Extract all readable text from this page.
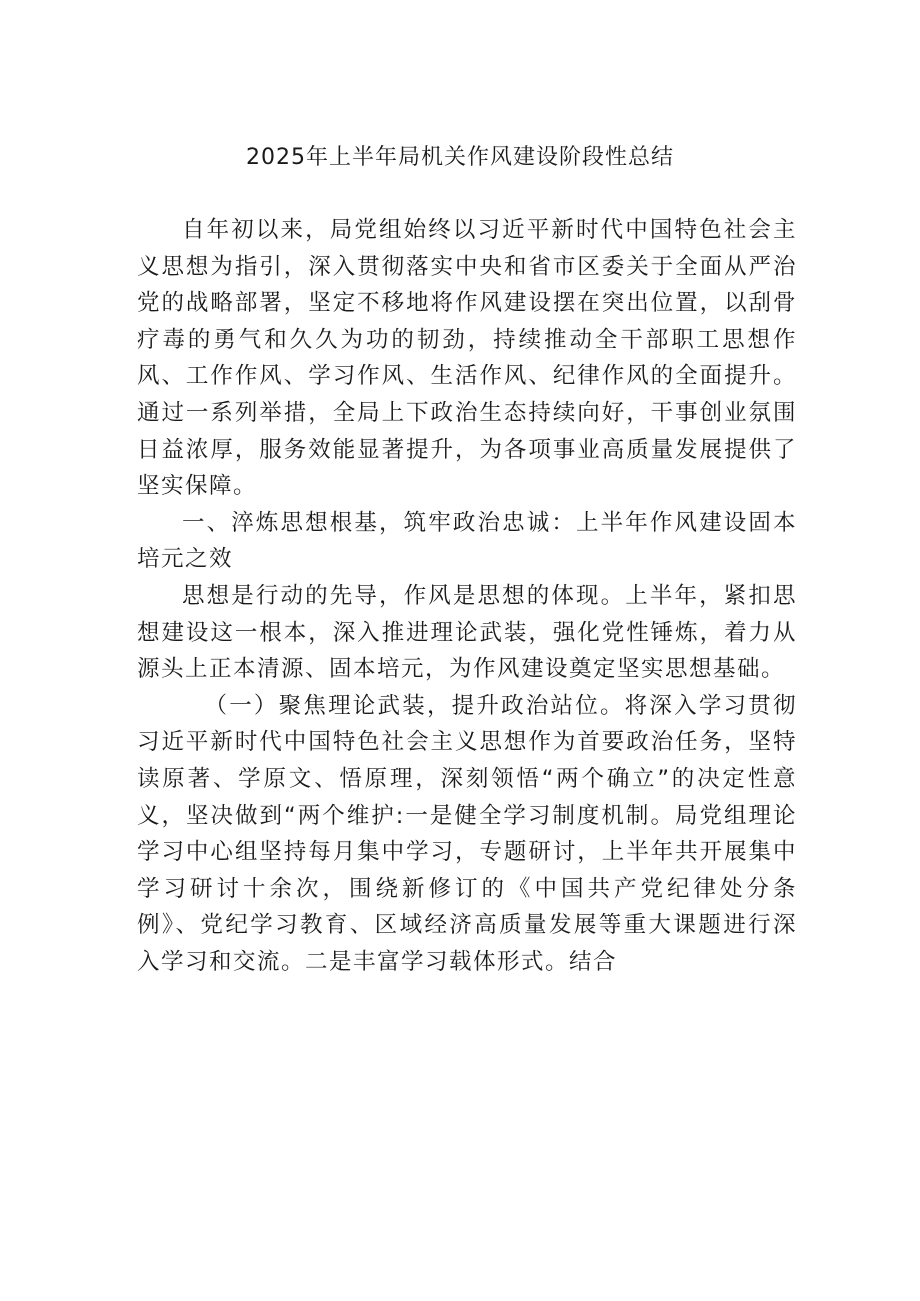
2025年上半年局机关作风建设阶段性总结

自年初以来，局党组始终以习近平新时代中国特色社会主义思想为指引，深入贯彻落实中央和省市区委关于全面从严治党的战略部署，坚定不移地将作风建设摆在突出位置，以刮骨疗毒的勇气和久久为功的韧劲，持续推动全干部职工思想作风、工作作风、学习作风、生活作风、纪律作风的全面提升。通过一系列举措，全局上下政治生态持续向好，干事创业氛围日益浓厚，服务效能显著提升，为各项事业高质量发展提供了坚实保障。

一、淬炼思想根基，筑牢政治忠诚：上半年作风建设固本培元之效

思想是行动的先导，作风是思想的体现。上半年，紧扣思想建设这一根本，深入推进理论武装，强化党性锤炼，着力从源头上正本清源、固本培元，为作风建设奠定坚实思想基础。

（一）聚焦理论武装，提升政治站位。将深入学习贯彻习近平新时代中国特色社会主义思想作为首要政治任务，坚特读原著、学原文、悟原理，深刻领悟“两个确立”的决定性意义，坚决做到“两个维护:一是健全学习制度机制。局党组理论学习中心组坚持每月集中学习，专题研讨，上半年共开展集中学习研讨十余次，围绕新修订的《中国共产党纪律处分条例》、党纪学习教育、区域经济高质量发展等重大课题进行深入学习和交流。二是丰富学习载体形式。结合
